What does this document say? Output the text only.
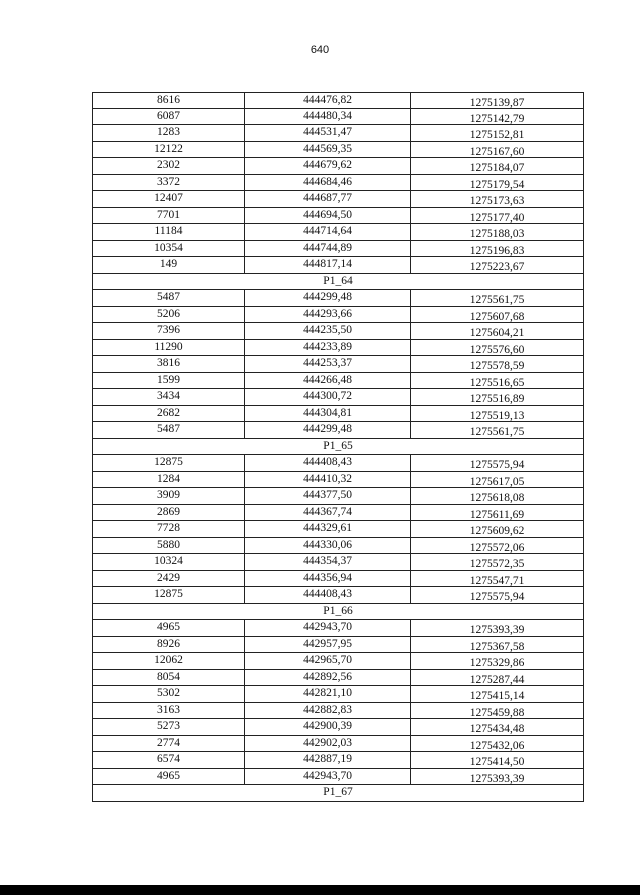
640
8616	444476,82	1275139,87
6087	444480,34	1275142,79
1283	444531,47	1275152,81
12122	444569,35	1275167,60
2302	444679,62	1275184,07
3372	444684,46	1275179,54
12407	444687,77	1275173,63
7701	444694,50	1275177,40
11184	444714,64	1275188,03
10354	444744,89	1275196,83
149	444817,14	1275223,67
P1_64
5487	444299,48	1275561,75
5206	444293,66	1275607,68
7396	444235,50	1275604,21
11290	444233,89	1275576,60
3816	444253,37	1275578,59
1599	444266,48	1275516,65
3434	444300,72	1275516,89
2682	444304,81	1275519,13
5487	444299,48	1275561,75
P1_65
12875	444408,43	1275575,94
1284	444410,32	1275617,05
3909	444377,50	1275618,08
2869	444367,74	1275611,69
7728	444329,61	1275609,62
5880	444330,06	1275572,06
10324	444354,37	1275572,35
2429	444356,94	1275547,71
12875	444408,43	1275575,94
P1_66
4965	442943,70	1275393,39
8926	442957,95	1275367,58
12062	442965,70	1275329,86
8054	442892,56	1275287,44
5302	442821,10	1275415,14
3163	442882,83	1275459,88
5273	442900,39	1275434,48
2774	442902,03	1275432,06
6574	442887,19	1275414,50
4965	442943,70	1275393,39
P1_67
